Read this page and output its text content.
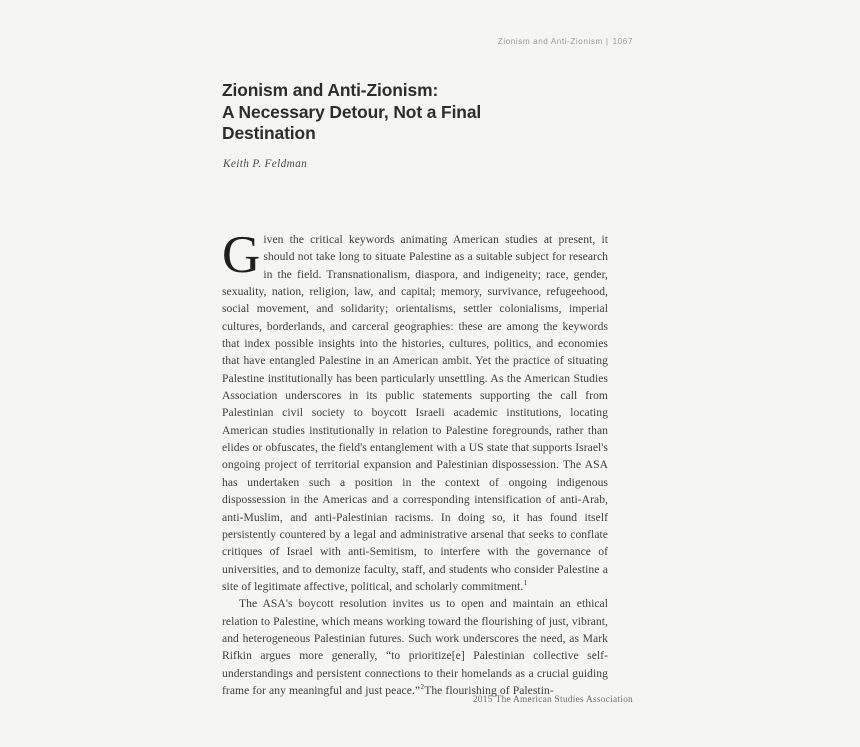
Zionism and Anti-Zionism | 1067
Zionism and Anti-Zionism:
A Necessary Detour, Not a Final
Destination
Keith P. Feldman

Given the critical keywords animating American studies at present, it should not take long to situate Palestine as a suitable subject for research in the field. Transnationalism, diaspora, and indigeneity; race, gender, sexuality, nation, religion, law, and capital; memory, survivance, refugeehood, social movement, and solidarity; orientalisms, settler colonialisms, imperial cultures, borderlands, and carceral geographies: these are among the keywords that index possible insights into the histories, cultures, politics, and economies that have entangled Palestine in an American ambit. Yet the practice of situating Palestine institutionally has been particularly unsettling. As the American Studies Association underscores in its public statements supporting the call from Palestinian civil society to boycott Israeli academic institutions, locating American studies institutionally in relation to Palestine foregrounds, rather than elides or obfuscates, the field's entanglement with a US state that supports Israel's ongoing project of territorial expansion and Palestinian dispossession. The ASA has undertaken such a position in the context of ongoing indigenous dispossession in the Americas and a corresponding intensification of anti-Arab, anti-Muslim, and anti-Palestinian racisms. In doing so, it has found itself persistently countered by a legal and administrative arsenal that seeks to conflate critiques of Israel with anti-Semitism, to interfere with the governance of universities, and to demonize faculty, staff, and students who consider Palestine a site of legitimate affective, political, and scholarly commitment.$^1$

The ASA's boycott resolution invites us to open and maintain an ethical relation to Palestine, which means working toward the flourishing of just, vibrant, and heterogeneous Palestinian futures. Such work underscores the need, as Mark Rifkin argues more generally, “to prioritize[e] Palestinian collective self-understandings and persistent connections to their homelands as a crucial guiding frame for any meaningful and just peace.”$^2$The flourishing of Palestin-

2015 The American Studies Association
